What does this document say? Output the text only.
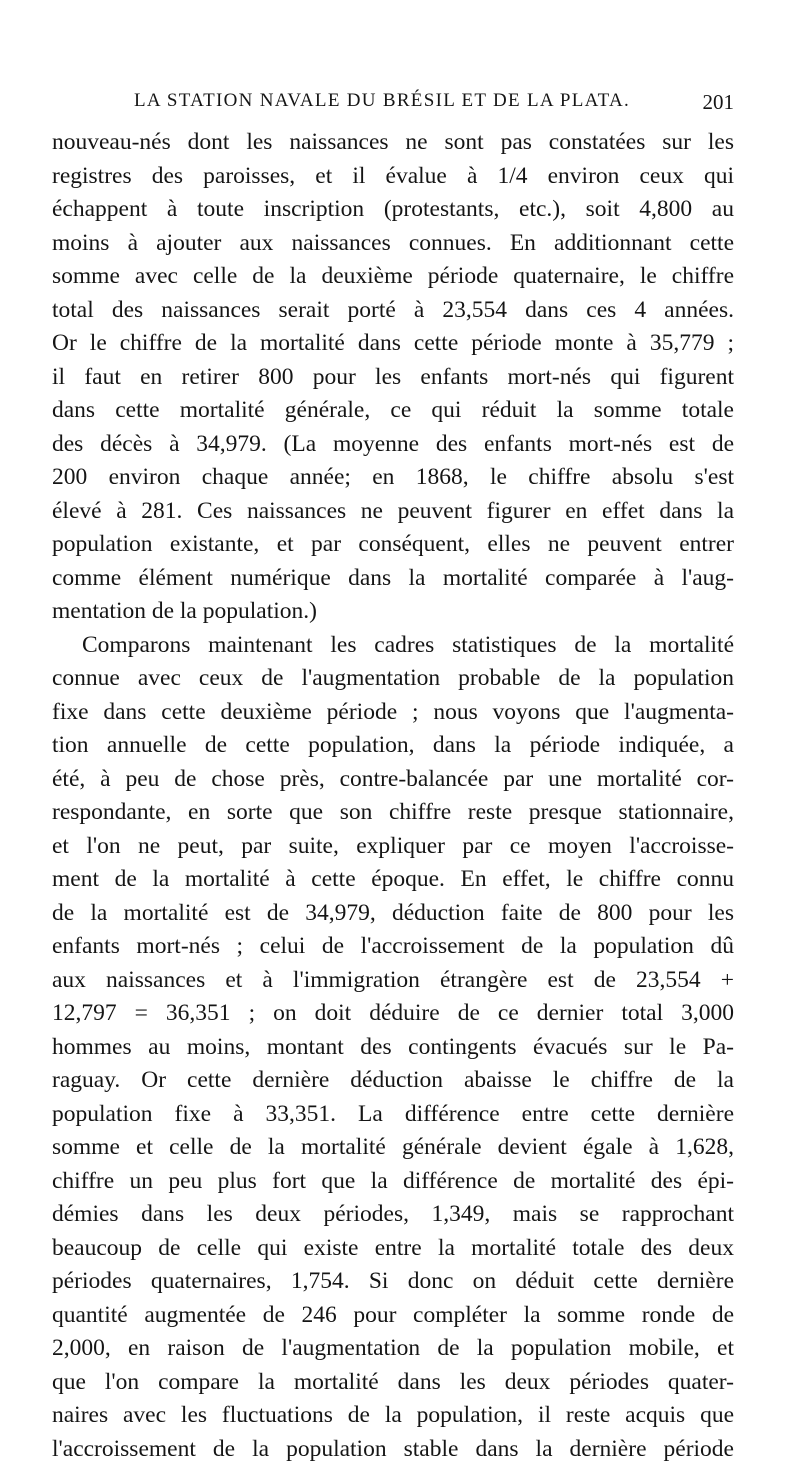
LA STATION NAVALE DU BRÉSIL ET DE LA PLATA.	201
nouveau-nés dont les naissances ne sont pas constatées sur les
registres des paroisses, et il évalue à 1/4 environ ceux qui
échappent à toute inscription (protestants, etc.), soit 4,800 au
moins à ajouter aux naissances connues. En additionnant cette
somme avec celle de la deuxième période quaternaire, le chiffre
total des naissances serait porté à 23,554 dans ces 4 années.
Or le chiffre de la mortalité dans cette période monte à 35,779 ;
il faut en retirer 800 pour les enfants mort-nés qui figurent
dans cette mortalité générale, ce qui réduit la somme totale
des décès à 34,979. (La moyenne des enfants mort-nés est de
200 environ chaque année; en 1868, le chiffre absolu s'est
élevé à 281. Ces naissances ne peuvent figurer en effet dans la
population existante, et par conséquent, elles ne peuvent entrer
comme élément numérique dans la mortalité comparée à l'aug-
mentation de la population.)
Comparons maintenant les cadres statistiques de la mortalité
connue avec ceux de l'augmentation probable de la population
fixe dans cette deuxième période ; nous voyons que l'augmenta-
tion annuelle de cette population, dans la période indiquée, a
été, à peu de chose près, contre-balancée par une mortalité cor-
respondante, en sorte que son chiffre reste presque stationnaire,
et l'on ne peut, par suite, expliquer par ce moyen l'accroisse-
ment de la mortalité à cette époque. En effet, le chiffre connu
de la mortalité est de 34,979, déduction faite de 800 pour les
enfants mort-nés ; celui de l'accroissement de la population dû
aux naissances et à l'immigration étrangère est de 23,554 +
12,797 = 36,351 ; on doit déduire de ce dernier total 3,000
hommes au moins, montant des contingents évacués sur le Pa-
raguay. Or cette dernière déduction abaisse le chiffre de la
population fixe à 33,351. La différence entre cette dernière
somme et celle de la mortalité générale devient égale à 1,628,
chiffre un peu plus fort que la différence de mortalité des épi-
démies dans les deux périodes, 1,349, mais se rapprochant
beaucoup de celle qui existe entre la mortalité totale des deux
périodes quaternaires, 1,754. Si donc on déduit cette dernière
quantité augmentée de 246 pour compléter la somme ronde de
2,000, en raison de l'augmentation de la population mobile, et
que l'on compare la mortalité dans les deux périodes quater-
naires avec les fluctuations de la population, il reste acquis que
l'accroissement de la population stable dans la dernière période
